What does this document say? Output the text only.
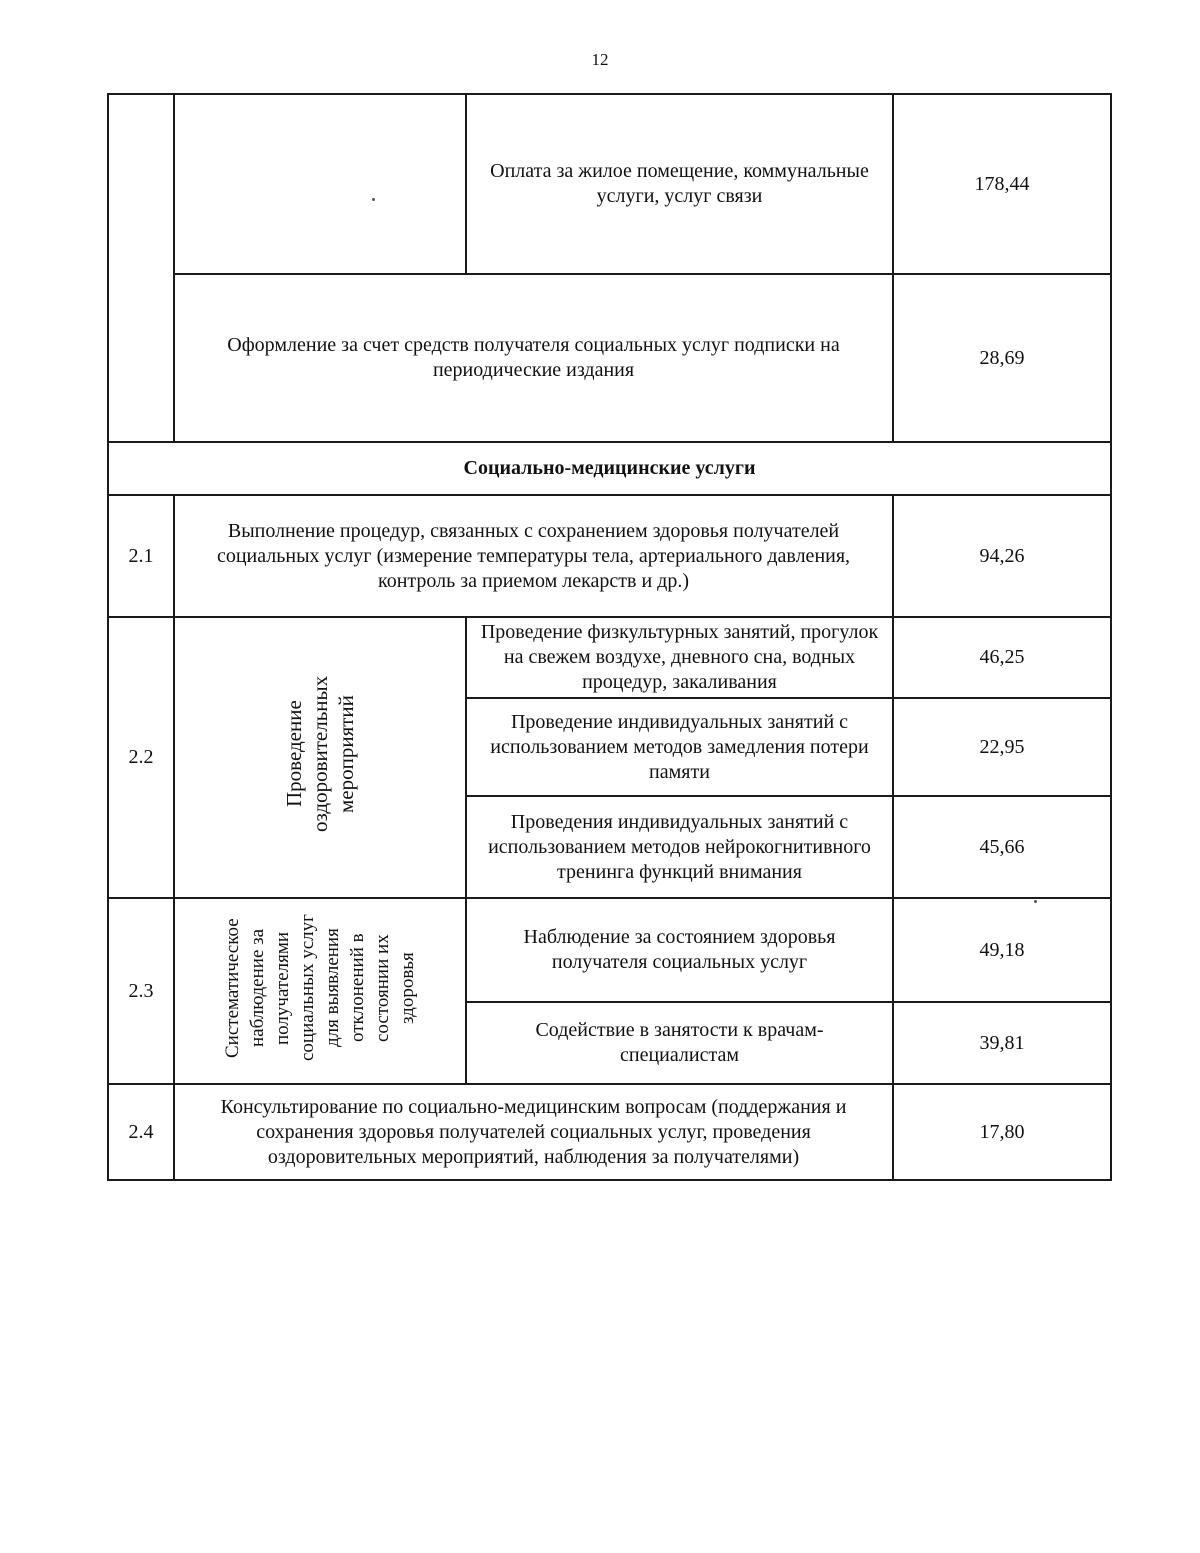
12
		Оплата за жилое помещение, коммунальные услуги, услуг связи	178,44
	Оформление за счет средств получателя социальных услуг подписки на периодические издания		28,69
Социально-медицинские услуги			
2.1	Выполнение процедур, связанных с сохранением здоровья получателей социальных услуг (измерение температуры тела, артериального давления, контроль за приемом лекарств и др.)		94,26
2.2	Проведение оздоровительных мероприятий	Проведение физкультурных занятий, прогулок на свежем воздухе, дневного сна, водных процедур, закаливания	46,25
		Проведение индивидуальных занятий с использованием методов замедления потери памяти	22,95
		Проведения индивидуальных занятий с использованием методов нейрокогнитивного тренинга функций внимания	45,66
2.3	Систематическое наблюдение за получателями социальных услуг для выявления отклонений в состоянии их здоровья	Наблюдение за состоянием здоровья получателя социальных услуг	49,18
		Содействие в занятости к врачам-специалистам	39,81
2.4	Консультирование по социально-медицинским вопросам (поддержания и сохранения здоровья получателей социальных услуг, проведения оздоровительных мероприятий, наблюдения за получателями)		17,80
